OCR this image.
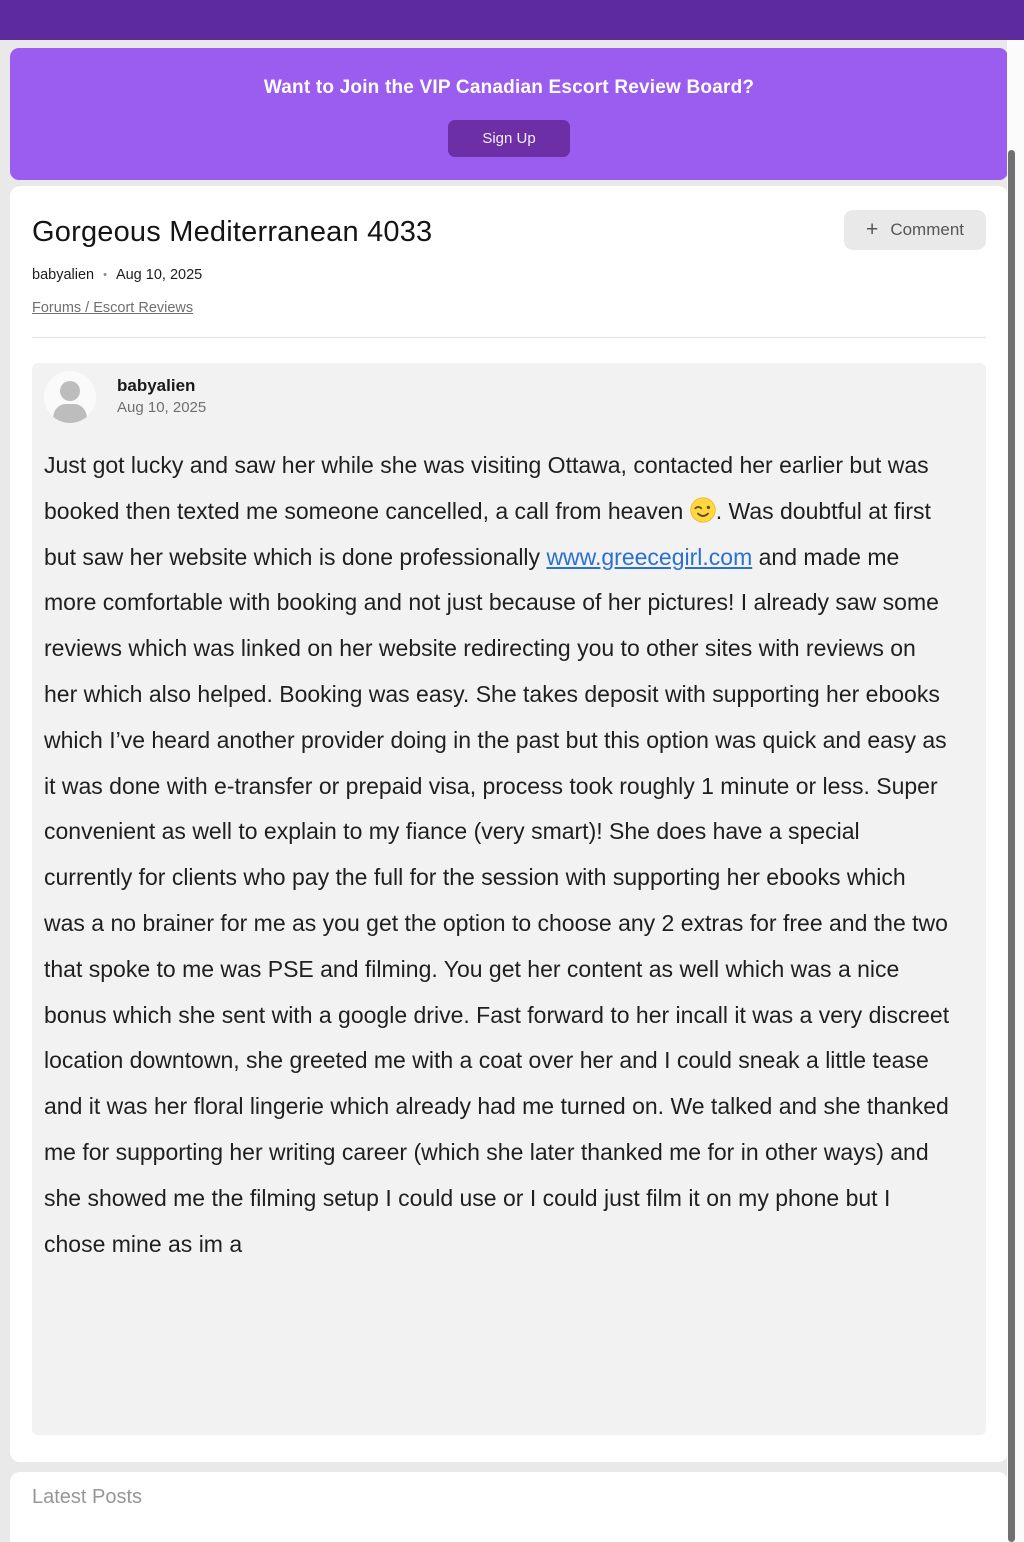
Want to Join the VIP Canadian Escort Review Board?
Sign Up
Gorgeous Mediterranean 4033	+ Comment
babyalien • Aug 10, 2025
Forums / Escort Reviews
babyalien
Aug 10, 2025
Just got lucky and saw her while she was visiting Ottawa, contacted her earlier but was booked then texted me someone cancelled, a call from heaven
. Was doubtful at first but saw her website which is done professionally www.greecegirl.com and made me more comfortable with booking and not just because of her pictures! I already saw some reviews which was linked on her website redirecting you to other sites with reviews on her which also helped. Booking was easy. She takes deposit with supporting her ebooks which I’ve heard another provider doing in the past but this option was quick and easy as it was done with e-transfer or prepaid visa, process took roughly 1 minute or less. Super convenient as well to explain to my fiance (very smart)! She does have a special currently for clients who pay the full for the session with supporting her ebooks which was a no brainer for me as you get the option to choose any 2 extras for free and the two that spoke to me was PSE and filming. You get her content as well which was a nice bonus which she sent with a google drive. Fast forward to her incall it was a very discreet location downtown, she greeted me with a coat over her and I could sneak a little tease and it was her floral lingerie which already had me turned on. We talked and she thanked me for supporting her writing career (which she later thanked me for in other ways) and she showed me the filming setup I could use or I could just film it on my phone but I chose mine as im a
Latest Posts
